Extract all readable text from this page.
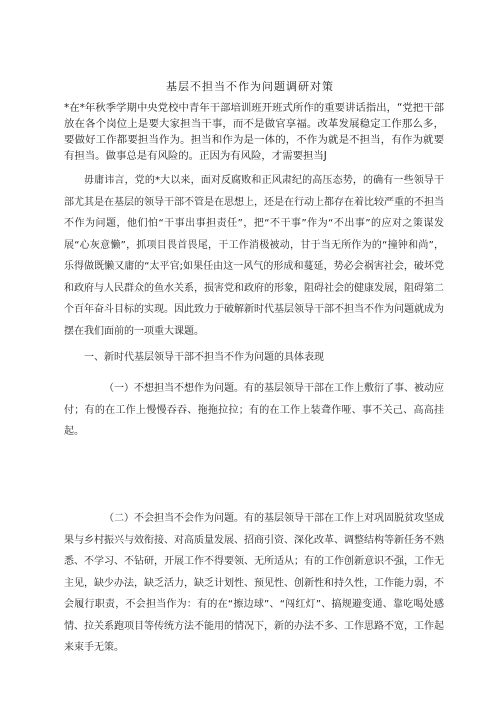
基层不担当不作为问题调研对策

*在*年秋季学期中央党校中青年干部培训班开班式所作的重要讲话指出，“党把干部放在各个岗位上是要大家担当干事，而不是做官享福。改革发展稳定工作那么多，要做好工作都要担当作为。担当和作为是一体的，不作为就是不担当，有作为就要有担当。做事总是有风险的。正因为有风险，才需要担当J

毋庸讳言，党的*大以来，面对反腐败和正风肃纪的高压态势，的确有一些领导干部尤其是在基层的领导干部不管是在思想上，还是在行动上都存在着比较严重的不担当不作为问题，他们怕“干事出事担责任”，把“不干事”作为“不出事”的应对之策谋发展“心灰意懒”，抓项目畏首畏尾，干工作消极被动，甘于当无所作为的“撞钟和尚”，乐得做既懒又庸的“太平官;如果任由这一风气的形成和蔓延，势必会祸害社会，破坏党和政府与人民群众的鱼水关系，损害党和政府的形象，阻碍社会的健康发展，阻碍第二个百年奋斗目标的实现。因此致力于破解新时代基层领导干部不担当不作为问题就成为摆在我们面前的一项重大课题。

一、新时代基层领导干部不担当不作为问题的具体表现

（一）不想担当不想作为问题。有的基层领导干部在工作上敷衍了事、被动应付；有的在工作上慢慢吞吞、拖拖拉拉；有的在工作上装聋作哑、事不关己、高高挂起。

（二）不会担当不会作为问题。有的基层领导干部在工作上对巩固脱贫攻坚成果与乡村振兴与效衔接、对高质量发展、招商引资、深化改革、调整结构等新任务不熟悉、不学习、不钻研，开展工作不得要领、无所适从；有的工作创新意识不强，工作无主见，缺少办法，缺乏活力，缺乏计划性、预见性、创新性和持久性，工作能力弱，不会履行职责，不会担当作为：有的在“擦边球”、“闯红灯”、搞规避变通、靠吃喝处感情、拉关系跑项目等传统方法不能用的情况下，新的办法不多、工作思路不宽，工作起来束手无策。
